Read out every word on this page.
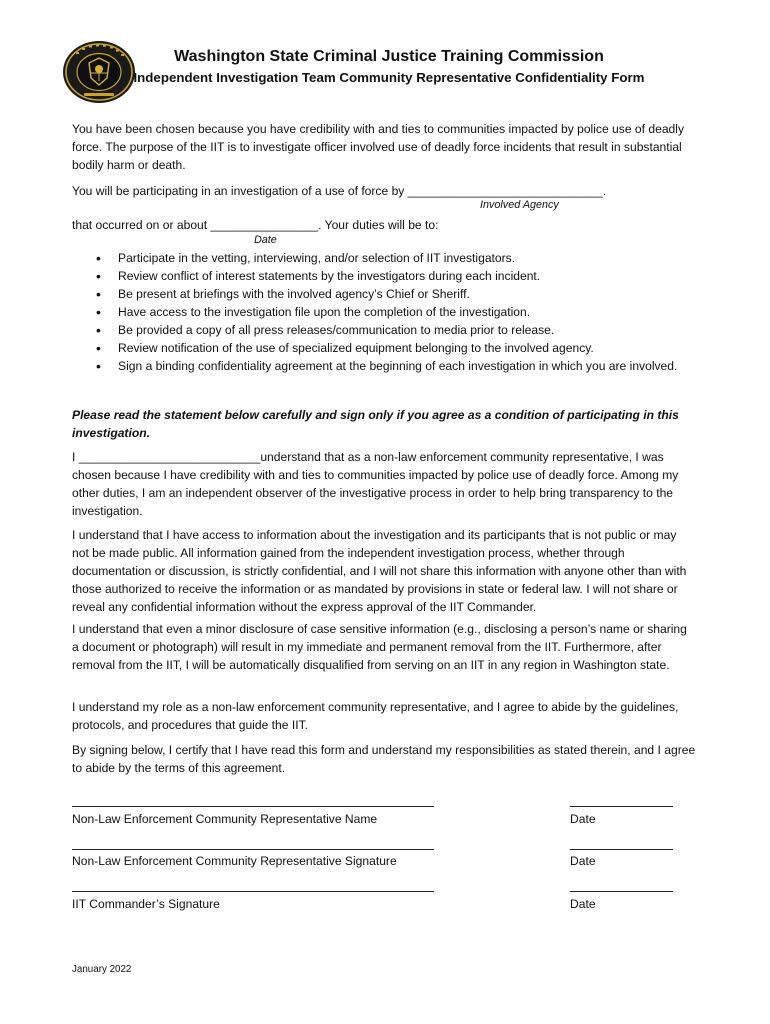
Washington State Criminal Justice Training Commission
Independent Investigation Team Community Representative Confidentiality Form

You have been chosen because you have credibility with and ties to communities impacted by police use of deadly force. The purpose of the IIT is to investigate officer involved use of deadly force incidents that result in substantial bodily harm or death.

You will be participating in an investigation of a use of force by _____________________________.

Involved Agency

that occurred on or about ________________. Your duties will be to:

Date

• Participate in the vetting, interviewing, and/or selection of IIT investigators.
• Review conflict of interest statements by the investigators during each incident.
• Be present at briefings with the involved agency’s Chief or Sheriff.
• Have access to the investigation file upon the completion of the investigation.
• Be provided a copy of all press releases/communication to media prior to release.
• Review notification of the use of specialized equipment belonging to the involved agency.
• Sign a binding confidentiality agreement at the beginning of each investigation in which you are involved.

Please read the statement below carefully and sign only if you agree as a condition of participating in this investigation.

I ___________________________understand that as a non-law enforcement community representative, I was chosen because I have credibility with and ties to communities impacted by police use of deadly force. Among my other duties, I am an independent observer of the investigative process in order to help bring transparency to the investigation.

I understand that I have access to information about the investigation and its participants that is not public or may not be made public. All information gained from the independent investigation process, whether through documentation or discussion, is strictly confidential, and I will not share this information with anyone other than with those authorized to receive the information or as mandated by provisions in state or federal law. I will not share or reveal any confidential information without the express approval of the IIT Commander.

I understand that even a minor disclosure of case sensitive information (e.g., disclosing a person’s name or sharing a document or photograph) will result in my immediate and permanent removal from the IIT. Furthermore, after removal from the IIT, I will be automatically disqualified from serving on an IIT in any region in Washington state.

I understand my role as a non-law enforcement community representative, and I agree to abide by the guidelines, protocols, and procedures that guide the IIT.

By signing below, I certify that I have read this form and understand my responsibilities as stated therein, and I agree to abide by the terms of this agreement.

Non-Law Enforcement Community Representative Name	Date
Non-Law Enforcement Community Representative Signature	Date
IIT Commander’s Signature	Date
January 2022
